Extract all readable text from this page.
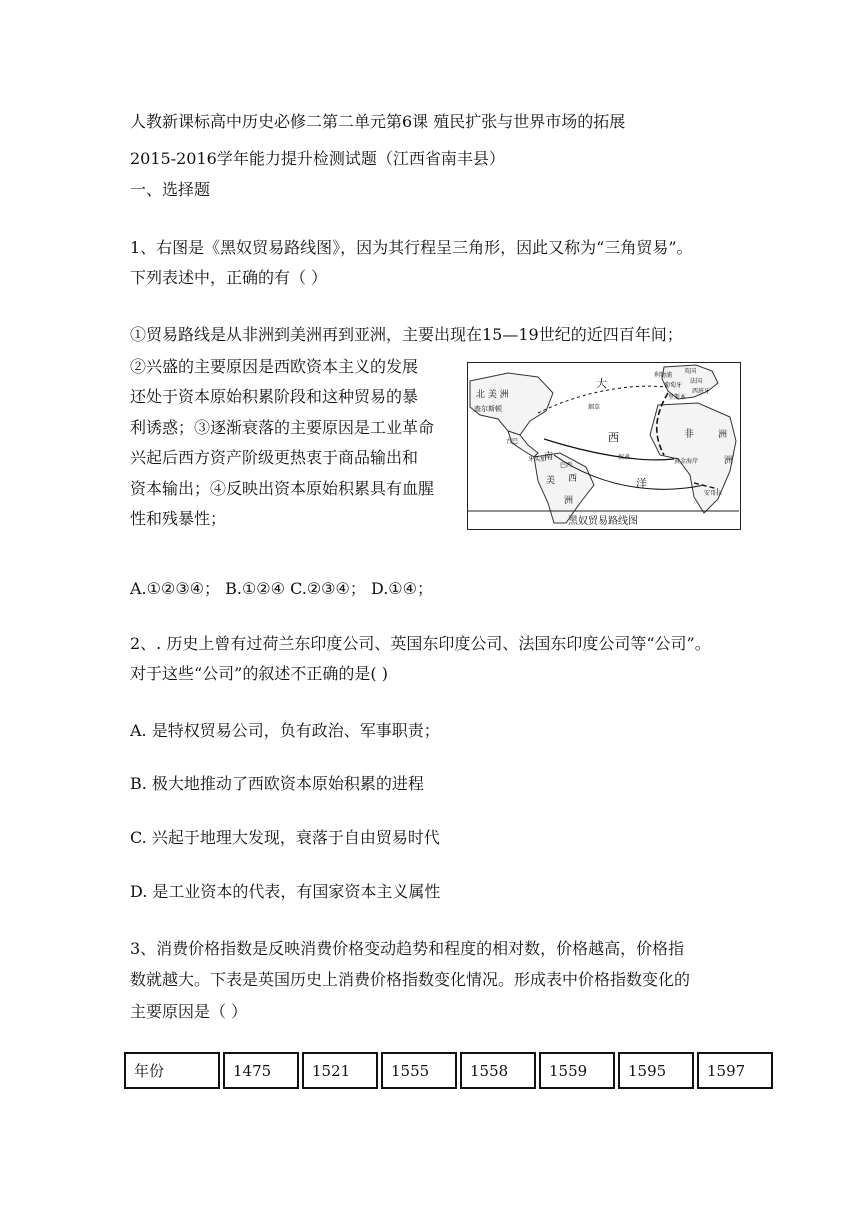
人教新课标高中历史必修二第二单元第6课 殖民扩张与世界市场的拓展
2015-2016学年能力提升检测试题（江西省南丰县）
一、选择题
1、右图是《黑奴贸易路线图》，因为其行程呈三角形，因此又称为“三角贸易”。
下列表述中，正确的有（ ）
①贸易路线是从非洲到美洲再到亚洲，主要出现在15—19世纪的近四百年间；
②兴盛的主要原因是西欧资本主义的发展
还处于资本原始积累阶段和这种贸易的暴
利诱惑；③逐渐衰落的主要原因是工业革命
兴起后西方资产阶级更热衷于商品输出和
资本输出；④反映出资本原始积累具有血腥
性和残暴性；
北 美 洲
大
西
洋
查尔斯顿
古巴
牙买加
南
美 西
洲
巴西
烟草
奴隶
利物浦
英国
葡萄牙
法国
西班牙
里斯本
非	洲
洲
黄金海岸
安哥拉
黑奴贸易路线图
A.①②③④； B.①②④ C.②③④； D.①④；
2、. 历史上曾有过荷兰东印度公司、英国东印度公司、法国东印度公司等“公司”。
对于这些“公司”的叙述不正确的是( )
A. 是特权贸易公司，负有政治、军事职责；
B. 极大地推动了西欧资本原始积累的进程
C. 兴起于地理大发现，衰落于自由贸易时代
D. 是工业资本的代表，有国家资本主义属性
3、消费价格指数是反映消费价格变动趋势和程度的相对数，价格越高，价格指
数就越大。下表是英国历史上消费价格指数变化情况。形成表中价格指数变化的
主要原因是（ ）
年份	1475	1521	1555	1558	1559	1595	1597
